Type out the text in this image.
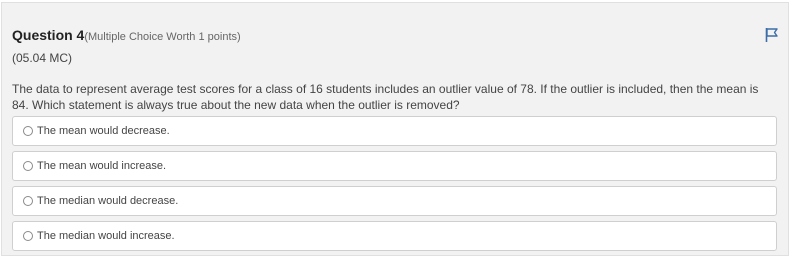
Question 4(Multiple Choice Worth 1 points)
(05.04 MC)
The data to represent average test scores for a class of 16 students includes an outlier value of 78. If the outlier is included, then the mean is 84. Which statement is always true about the new data when the outlier is removed?
The mean would decrease.
The mean would increase.
The median would decrease.
The median would increase.
